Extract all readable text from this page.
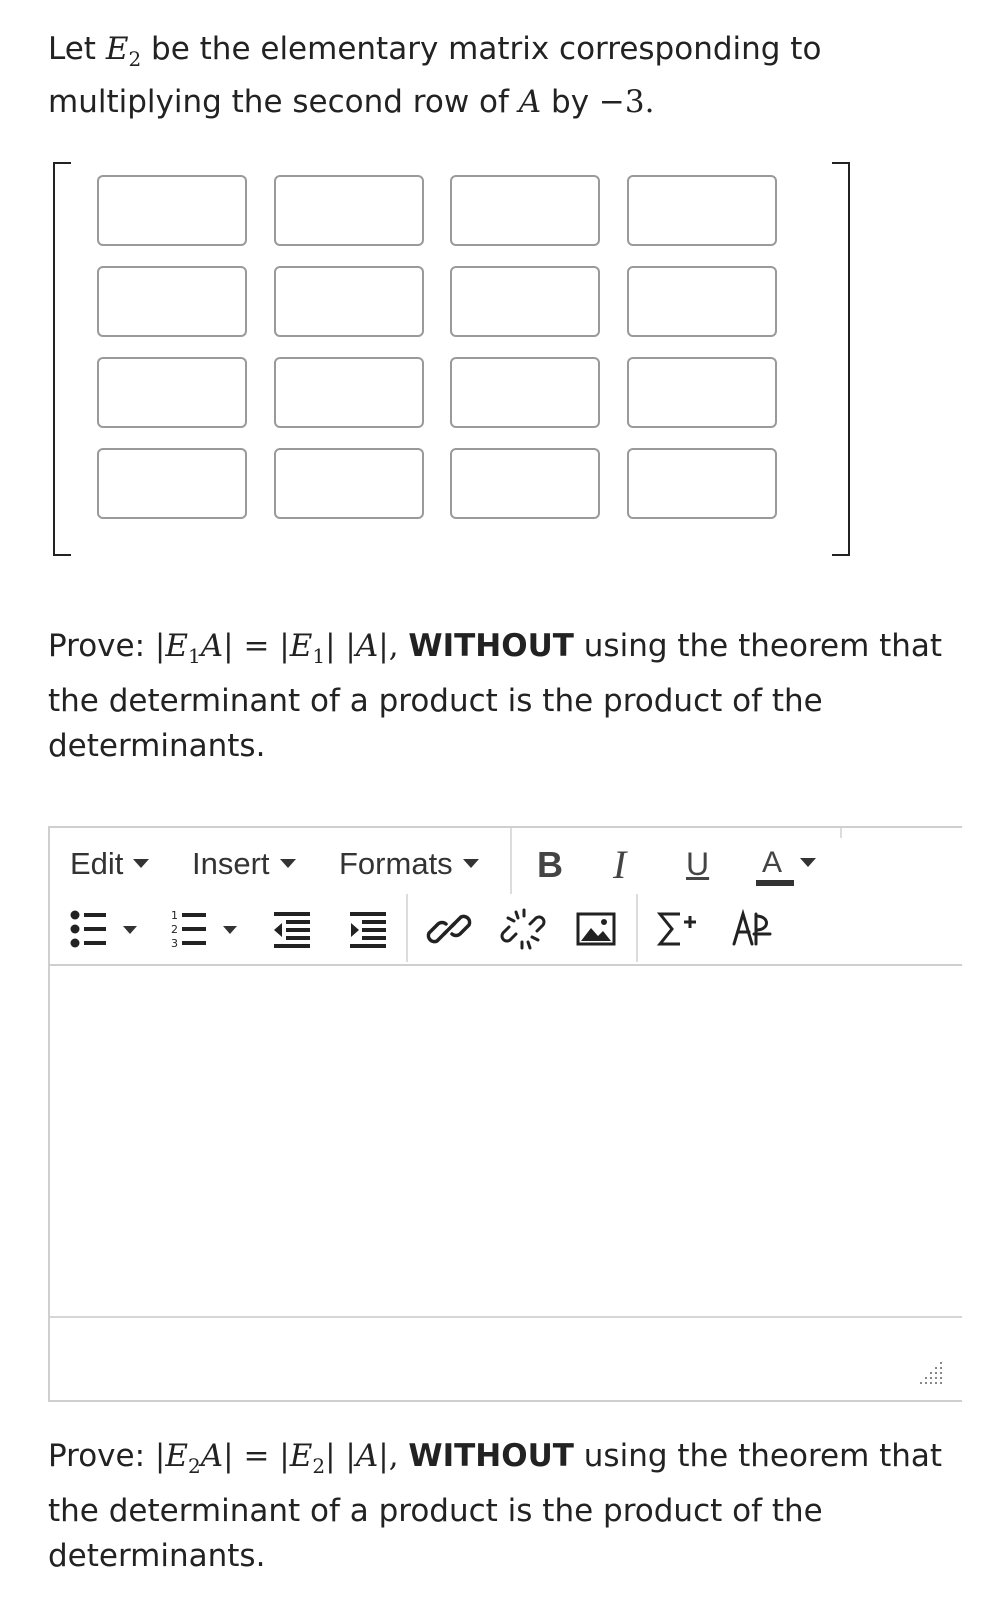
Let $E_2$ be the elementary matrix corresponding to
multiplying the second row of A by −3.
Prove: $|E_1A| = |E_1|$ |A|, WITHOUT using the theorem that the determinant of a product is the product of the determinants.
Edit	Insert	Formats	B I U A
1
2
3
Prove: $|E_2A| = |E_2|$ |A|, WITHOUT using the theorem that the determinant of a product is the product of the determinants.
